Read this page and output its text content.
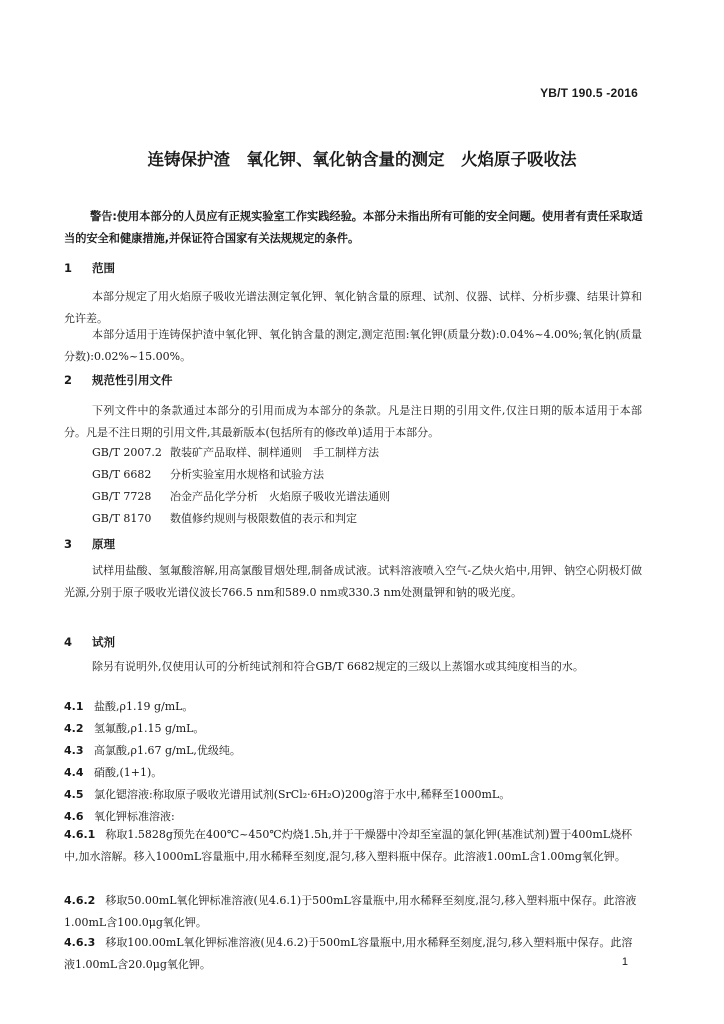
YB/T 190.5 -2016
连铸保护渣　氧化钾、氧化钠含量的测定　火焰原子吸收法
警告:使用本部分的人员应有正规实验室工作实践经验。本部分未指出所有可能的安全问题。使用者有责任采取适当的安全和健康措施,并保证符合国家有关法规规定的条件。
1 范围
本部分规定了用火焰原子吸收光谱法测定氧化钾、氧化钠含量的原理、试剂、仪器、试样、分析步骤、结果计算和允许差。
本部分适用于连铸保护渣中氧化钾、氧化钠含量的测定,测定范围:氧化钾(质量分数):0.04%~4.00%;氧化钠(质量分数):0.02%~15.00%。
2 规范性引用文件
下列文件中的条款通过本部分的引用而成为本部分的条款。凡是注日期的引用文件,仅注日期的版本适用于本部分。凡是不注日期的引用文件,其最新版本(包括所有的修改单)适用于本部分。
GB/T 2007.2 散装矿产品取样、制样通则　手工制样方法
GB/T 6682 分析实验室用水规格和试验方法
GB/T 7728 冶金产品化学分析　火焰原子吸收光谱法通则
GB/T 8170 数值修约规则与极限数值的表示和判定
3 原理
试样用盐酸、氢氟酸溶解,用高氯酸冒烟处理,制备成试液。试料溶液喷入空气-乙炔火焰中,用钾、钠空心阴极灯做光源,分别于原子吸收光谱仪波长766.5 nm和589.0 nm或330.3 nm处测量钾和钠的吸光度。
4 试剂
除另有说明外,仅使用认可的分析纯试剂和符合GB/T 6682规定的三级以上蒸馏水或其纯度相当的水。
4.1 盐酸,ρ1.19 g/mL。
4.2 氢氟酸,ρ1.15 g/mL。
4.3 高氯酸,ρ1.67 g/mL,优级纯。
4.4 硝酸,(1+1)。
4.5 氯化锶溶液:称取原子吸收光谱用试剂(SrCl₂·6H₂O)200g溶于水中,稀释至1000mL。
4.6 氧化钾标准溶液:
4.6.1 称取1.5828g预先在400℃~450℃灼烧1.5h,并于干燥器中冷却至室温的氯化钾(基准试剂)置于400mL烧杯中,加水溶解。移入1000mL容量瓶中,用水稀释至刻度,混匀,移入塑料瓶中保存。此溶液1.00mL含1.00mg氧化钾。
4.6.2 移取50.00mL氧化钾标准溶液(见4.6.1)于500mL容量瓶中,用水稀释至刻度,混匀,移入塑料瓶中保存。此溶液1.00mL含100.0μg氧化钾。
4.6.3 移取100.00mL氧化钾标准溶液(见4.6.2)于500mL容量瓶中,用水稀释至刻度,混匀,移入塑料瓶中保存。此溶液1.00mL含20.0μg氧化钾。	1
